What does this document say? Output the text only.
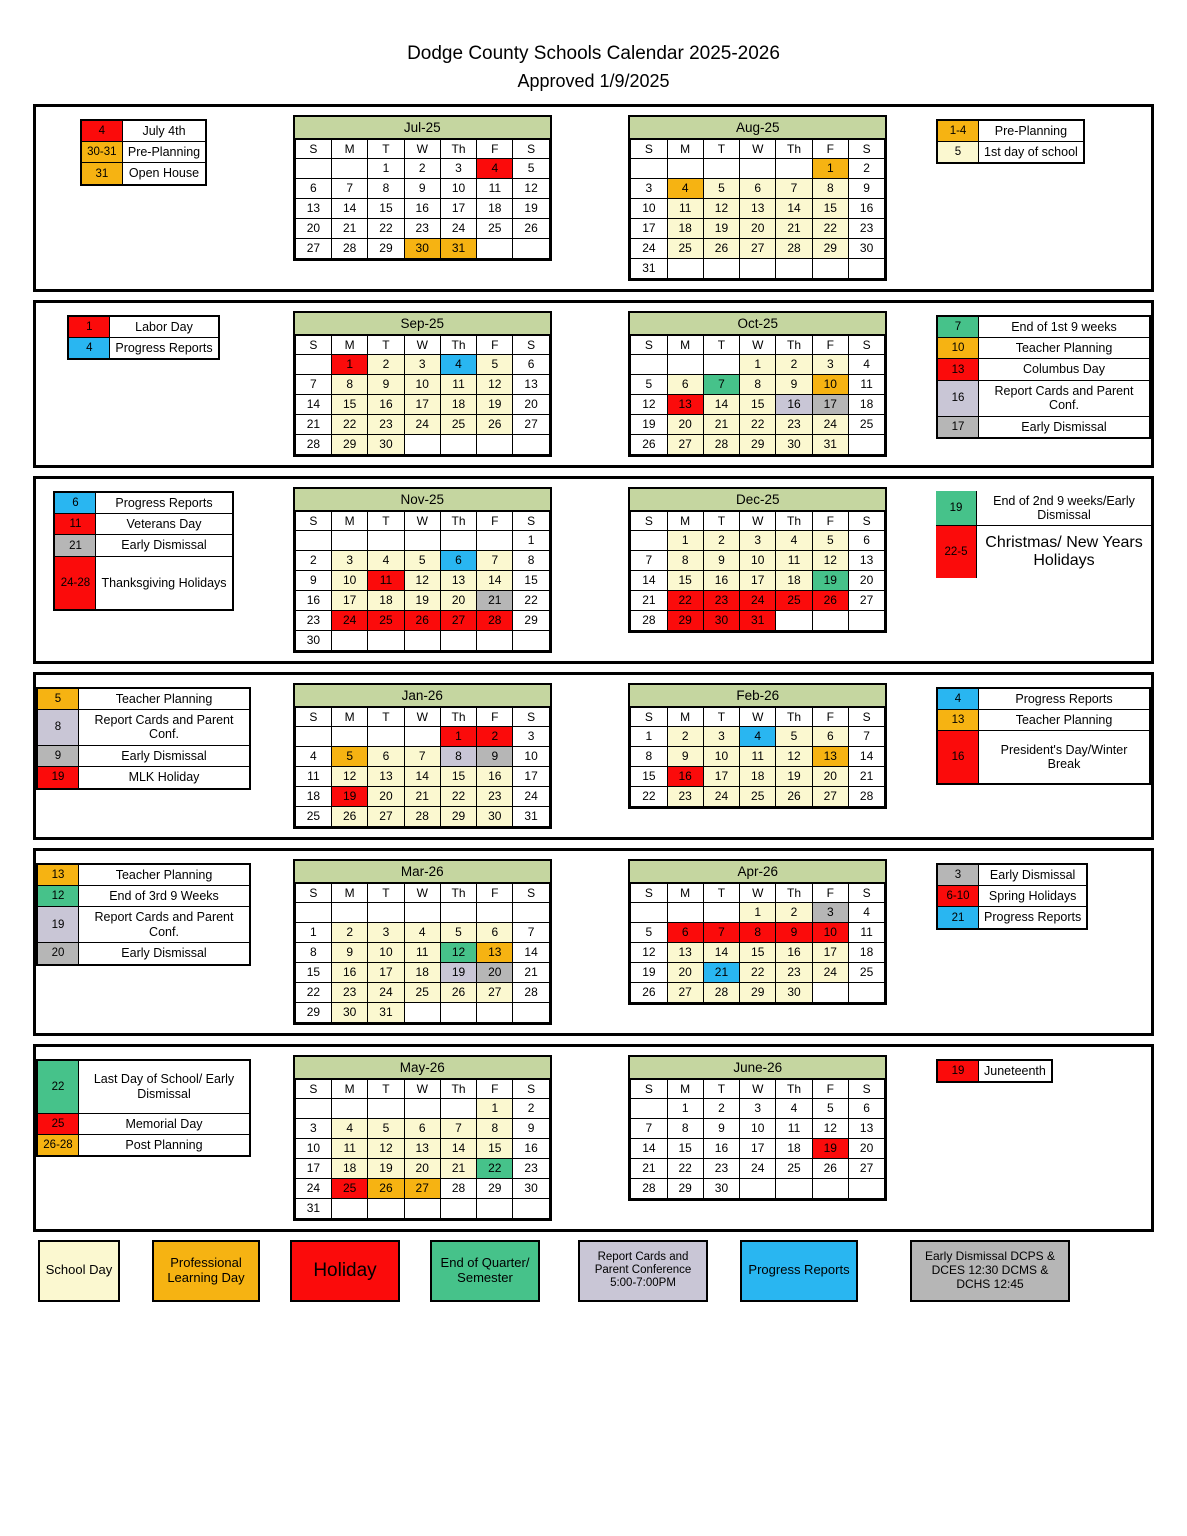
Dodge County Schools Calendar 2025-2026
Approved 1/9/2025
4	July 4th
30-31 Pre-Planning
31	Open House
Jul-25
S	M	T	W	Th	F	S
		1	2	3	4	5
6	7	8	9	10	11	12
13	14	15	16	17	18	19
20	21	22	23	24	25	26
27	28	29	30	31		
Aug-25
S	M	T	W	Th	F	S
					1	2
3	4	5	6	7	8	9
10	11	12	13	14	15	16
17	18	19	20	21	22	23
24	25	26	27	28	29	30
31						
1-4	Pre-Planning
5	1st day of school
1	Labor Day
4	Progress Reports
Sep-25
S	M	T	W	Th	F	S
	1	2	3	4	5	6
7	8	9	10	11	12	13
14	15	16	17	18	19	20
21	22	23	24	25	26	27
28	29	30				
Oct-25
S	M	T	W	Th	F	S
			1	2	3	4
5	6	7	8	9	10	11
12	13	14	15	16	17	18
19	20	21	22	23	24	25
26	27	28	29	30	31	
7	End of 1st 9 weeks
10	Teacher Planning
13	Columbus Day
16
Report Cards and Parent Conf.
17	Early Dismissal
6	Progress Reports
11	Veterans Day
21	Early Dismissal
24-28 Thanksgiving Holidays
Nov-25
S	M	T	W	Th	F	S
						1
2	3	4	5	6	7	8
9	10	11	12	13	14	15
16	17	18	19	20	21	22
23	24	25	26	27	28	29
30						
Dec-25
S	M	T	W	Th	F	S
	1	2	3	4	5	6
7	8	9	10	11	12	13
14	15	16	17	18	19	20
21	22	23	24	25	26	27
28	29	30	31			
19
End of 2nd 9 weeks/Early Dismissal
22-5
Christmas/ New Years Holidays
5	Teacher Planning
8
Report Cards and Parent Conf.
9	Early Dismissal
19	MLK Holiday
Jan-26
S	M	T	W	Th	F	S
				1	2	3
4	5	6	7	8	9	10
11	12	13	14	15	16	17
18	19	20	21	22	23	24
25	26	27	28	29	30	31
Feb-26
S	M	T	W	Th	F	S
1	2	3	4	5	6	7
8	9	10	11	12	13	14
15	16	17	18	19	20	21
22	23	24	25	26	27	28
4	Progress Reports
13	Teacher Planning
16
President's Day/Winter Break
13	Teacher Planning
12	End of 3rd 9 Weeks
19
Report Cards and Parent Conf.
20	Early Dismissal
Mar-26
S	M	T	W	Th	F	S

1	2	3	4	5	6	7
8	9	10	11	12	13	14
15	16	17	18	19	20	21
22	23	24	25	26	27	28
29	30	31				
Apr-26
S	M	T	W	Th	F	S
			1	2	3	4
5	6	7	8	9	10	11
12	13	14	15	16	17	18
19	20	21	22	23	24	25
26	27	28	29	30		
3	Early Dismissal
6-10	Spring Holidays
21	Progress Reports
22
Last Day of School/ Early Dismissal
25	Memorial Day
26-28	Post Planning
May-26
S	M	T	W	Th	F	S
					1	2
3	4	5	6	7	8	9
10	11	12	13	14	15	16
17	18	19	20	21	22	23
24	25	26	27	28	29	30
31						
June-26
S	M	T	W	Th	F	S
	1	2	3	4	5	6
7	8	9	10	11	12	13
14	15	16	17	18	19	20
21	22	23	24	25	26	27
28	29	30				
19	Juneteenth
School Day	Professional Learning Day	Holiday	End of Quarter/ Semester
Report Cards and Parent Conference 5:00-7:00PM
Progress Reports
Early Dismissal DCPS & DCES 12:30 DCMS & DCHS 12:45
